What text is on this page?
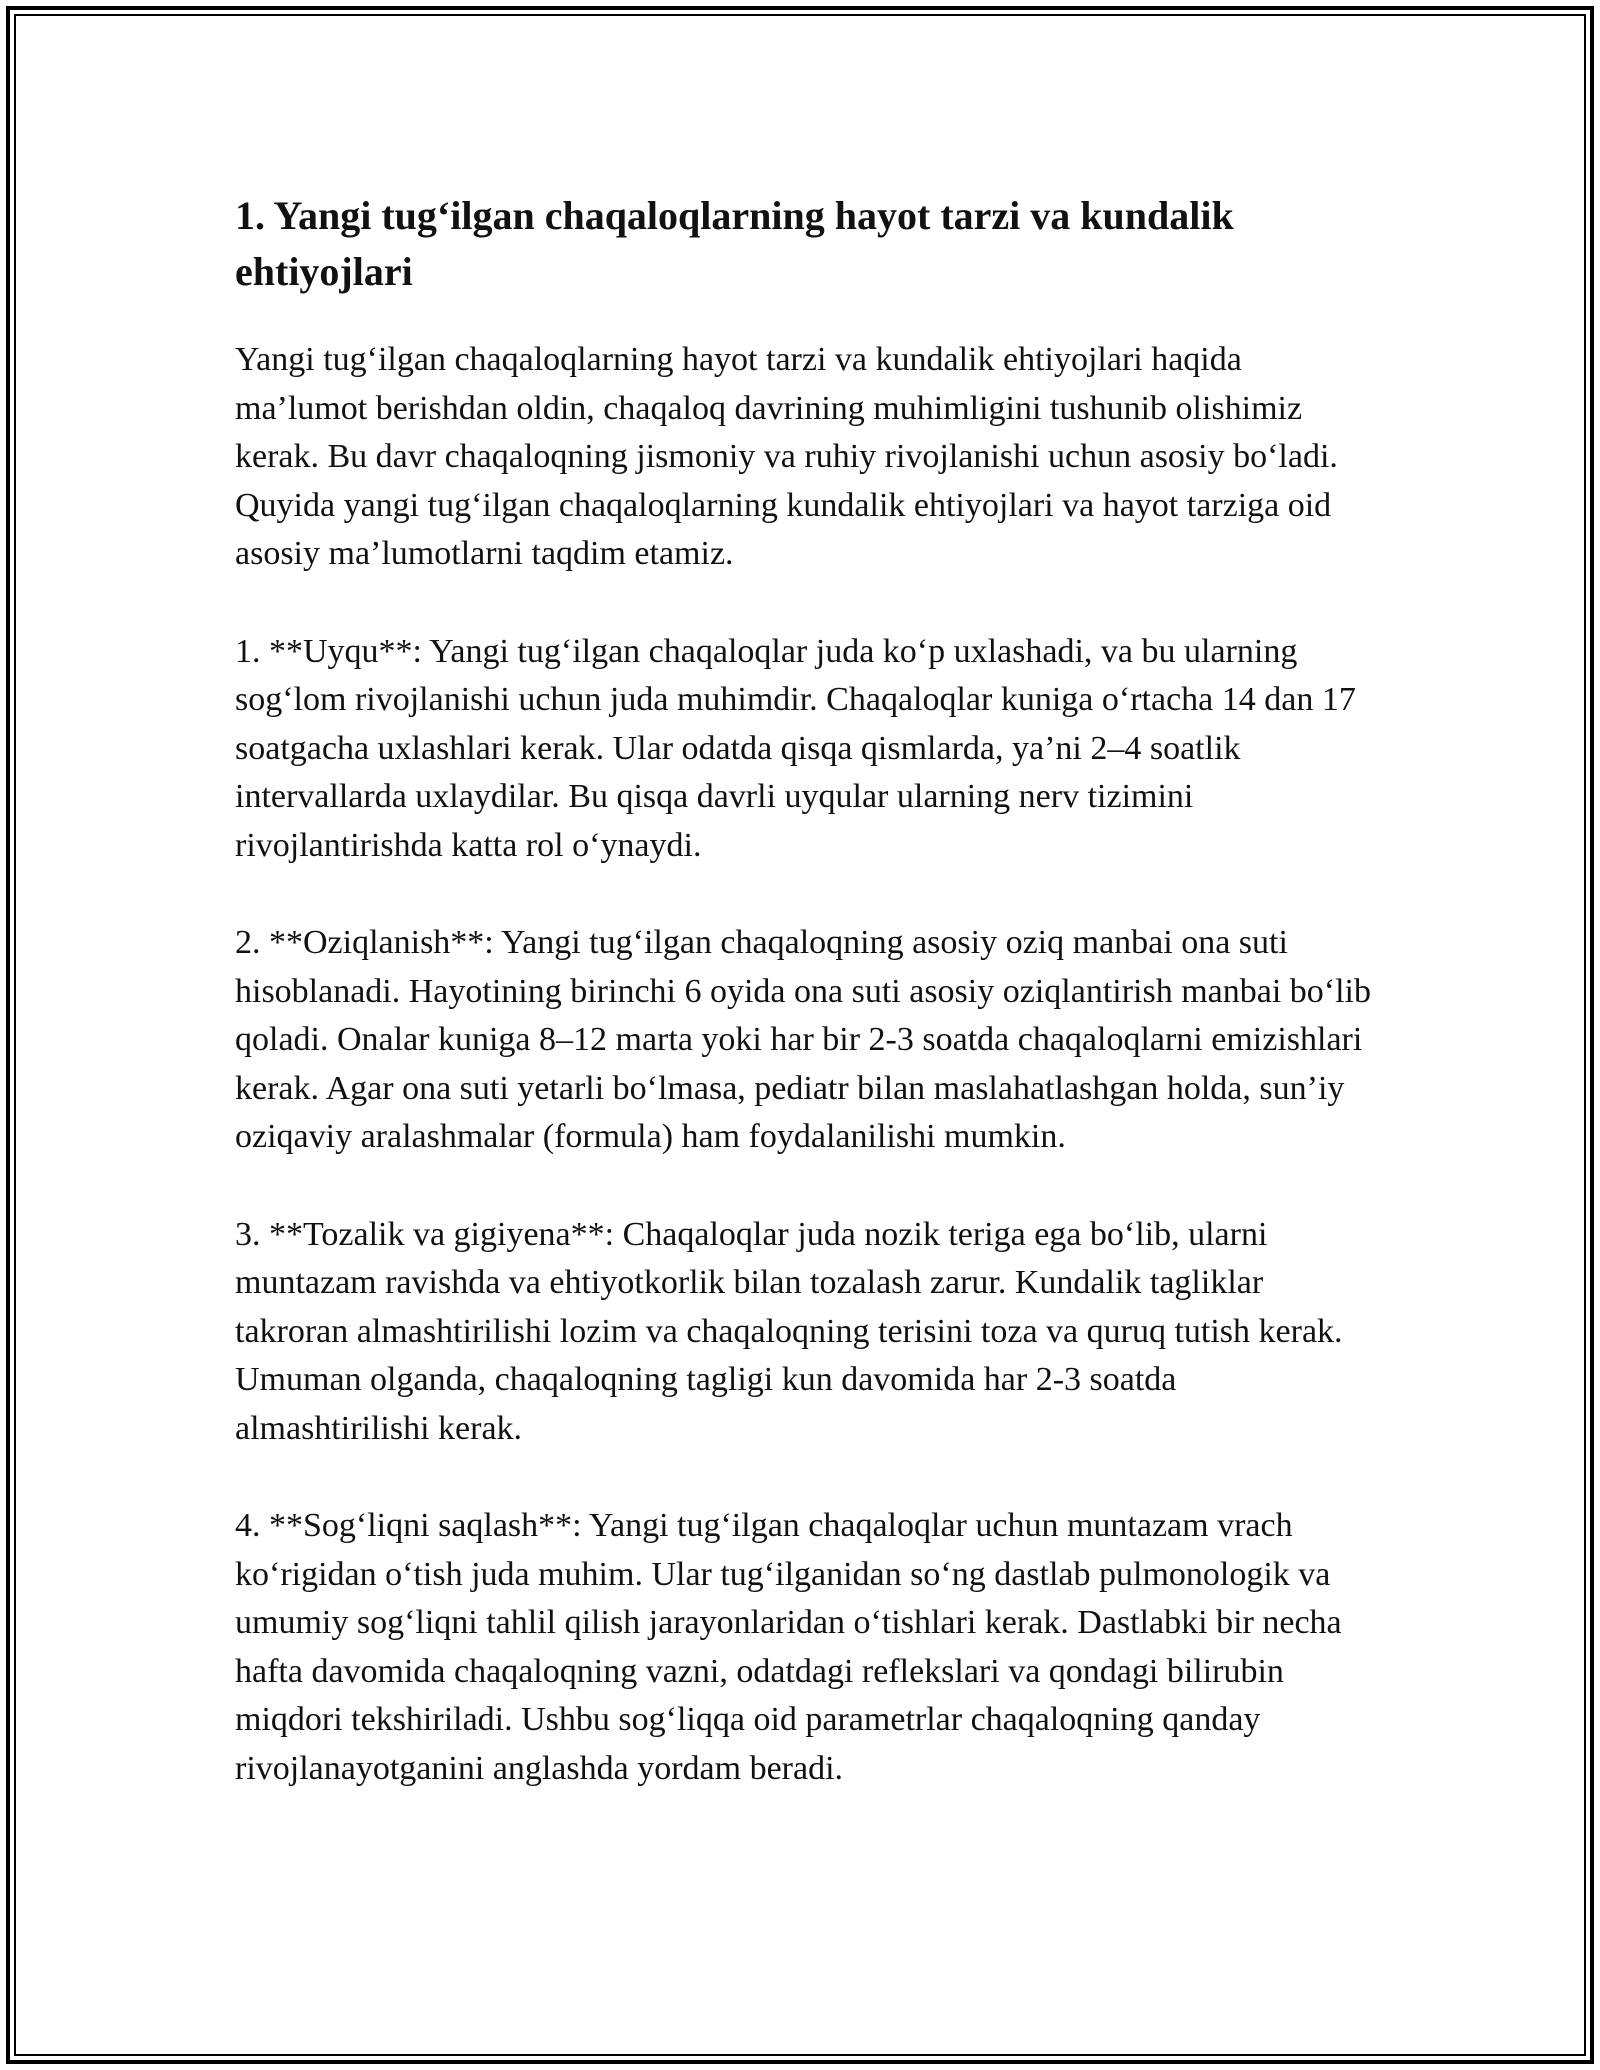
1. Yangi tug‘ilgan chaqaloqlarning hayot tarzi va kundalik ehtiyojlari

Yangi tug‘ilgan chaqaloqlarning hayot tarzi va kundalik ehtiyojlari haqida ma’lumot berishdan oldin, chaqaloq davrining muhimligini tushunib olishimiz kerak. Bu davr chaqaloqning jismoniy va ruhiy rivojlanishi uchun asosiy bo‘ladi. Quyida yangi tug‘ilgan chaqaloqlarning kundalik ehtiyojlari va hayot tarziga oid asosiy ma’lumotlarni taqdim etamiz.

1. **Uyqu**: Yangi tug‘ilgan chaqaloqlar juda ko‘p uxlashadi, va bu ularning sog‘lom rivojlanishi uchun juda muhimdir. Chaqaloqlar kuniga o‘rtacha 14 dan 17 soatgacha uxlashlari kerak. Ular odatda qisqa qismlarda, ya’ni 2–4 soatlik intervallarda uxlaydilar. Bu qisqa davrli uyqular ularning nerv tizimini rivojlantirishda katta rol o‘ynaydi.

2. **Oziqlanish**: Yangi tug‘ilgan chaqaloqning asosiy oziq manbai ona suti hisoblanadi. Hayotining birinchi 6 oyida ona suti asosiy oziqlantirish manbai bo‘lib qoladi. Onalar kuniga 8–12 marta yoki har bir 2-3 soatda chaqaloqlarni emizishlari kerak. Agar ona suti yetarli bo‘lmasa, pediatr bilan maslahatlashgan holda, sun’iy oziqaviy aralashmalar (formula) ham foydalanilishi mumkin.

3. **Tozalik va gigiyena**: Chaqaloqlar juda nozik teriga ega bo‘lib, ularni muntazam ravishda va ehtiyotkorlik bilan tozalash zarur. Kundalik tagliklar takroran almashtirilishi lozim va chaqaloqning terisini toza va quruq tutish kerak. Umuman olganda, chaqaloqning tagligi kun davomida har 2-3 soatda almashtirilishi kerak.

4. **Sog‘liqni saqlash**: Yangi tug‘ilgan chaqaloqlar uchun muntazam vrach ko‘rigidan o‘tish juda muhim. Ular tug‘ilganidan so‘ng dastlab pulmonologik va umumiy sog‘liqni tahlil qilish jarayonlaridan o‘tishlari kerak. Dastlabki bir necha hafta davomida chaqaloqning vazni, odatdagi reflekslari va qondagi bilirubin miqdori tekshiriladi. Ushbu sog‘liqqa oid parametrlar chaqaloqning qanday rivojlanayotganini anglashda yordam beradi.
